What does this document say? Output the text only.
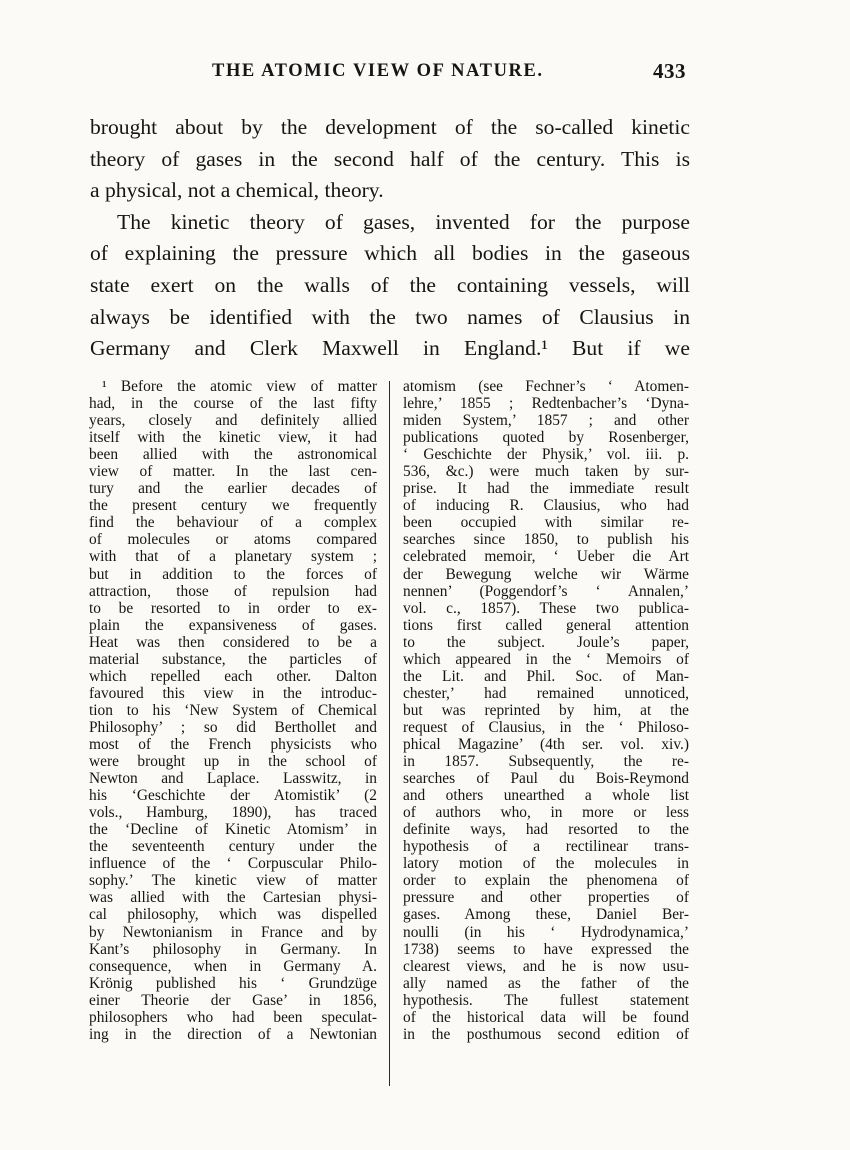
THE ATOMIC VIEW OF NATURE.	433
brought about by the development of the so-called kinetic
theory of gases in the second half of the century. This is
a physical, not a chemical, theory.
The kinetic theory of gases, invented for the purpose
of explaining the pressure which all bodies in the gaseous
state exert on the walls of the containing vessels, will
always be identified with the two names of Clausius in
Germany and Clerk Maxwell in England.¹ But if we
¹ Before the atomic view of matter
had, in the course of the last fifty
years, closely and definitely allied
itself with the kinetic view, it had
been allied with the astronomical
view of matter. In the last cen-
tury and the earlier decades of
the present century we frequently
find the behaviour of a complex
of molecules or atoms compared
with that of a planetary system ;
but in addition to the forces of
attraction, those of repulsion had
to be resorted to in order to ex-
plain the expansiveness of gases.
Heat was then considered to be a
material substance, the particles of
which repelled each other. Dalton
favoured this view in the introduc-
tion to his ‘New System of Chemical
Philosophy’ ; so did Berthollet and
most of the French physicists who
were brought up in the school of
Newton and Laplace. Lasswitz, in
his ‘Geschichte der Atomistik’ (2
vols., Hamburg, 1890), has traced
the ‘Decline of Kinetic Atomism’ in
the seventeenth century under the
influence of the ‘ Corpuscular Philo-
sophy.’ The kinetic view of matter
was allied with the Cartesian physi-
cal philosophy, which was dispelled
by Newtonianism in France and by
Kant’s philosophy in Germany. In
consequence, when in Germany A.
Krönig published his ‘ Grundzüge
einer Theorie der Gase’ in 1856,
philosophers who had been speculat-
ing in the direction of a Newtonian
atomism (see Fechner’s ‘ Atomen-
lehre,’ 1855 ; Redtenbacher’s ‘Dyna-
miden System,’ 1857 ; and other
publications quoted by Rosenberger,
‘ Geschichte der Physik,’ vol. iii. p.
536, &c.) were much taken by sur-
prise. It had the immediate result
of inducing R. Clausius, who had
been occupied with similar re-
searches since 1850, to publish his
celebrated memoir, ‘ Ueber die Art
der Bewegung welche wir Wärme
nennen’ (Poggendorf’s ‘ Annalen,’
vol. c., 1857). These two publica-
tions first called general attention
to the subject. Joule’s paper,
which appeared in the ‘ Memoirs of
the Lit. and Phil. Soc. of Man-
chester,’ had remained unnoticed,
but was reprinted by him, at the
request of Clausius, in the ‘ Philoso-
phical Magazine’ (4th ser. vol. xiv.)
in 1857. Subsequently, the re-
searches of Paul du Bois-Reymond
and others unearthed a whole list
of authors who, in more or less
definite ways, had resorted to the
hypothesis of a rectilinear trans-
latory motion of the molecules in
order to explain the phenomena of
pressure and other properties of
gases. Among these, Daniel Ber-
noulli (in his ‘ Hydrodynamica,’
1738) seems to have expressed the
clearest views, and he is now usu-
ally named as the father of the
hypothesis. The fullest statement
of the historical data will be found
in the posthumous second edition of
